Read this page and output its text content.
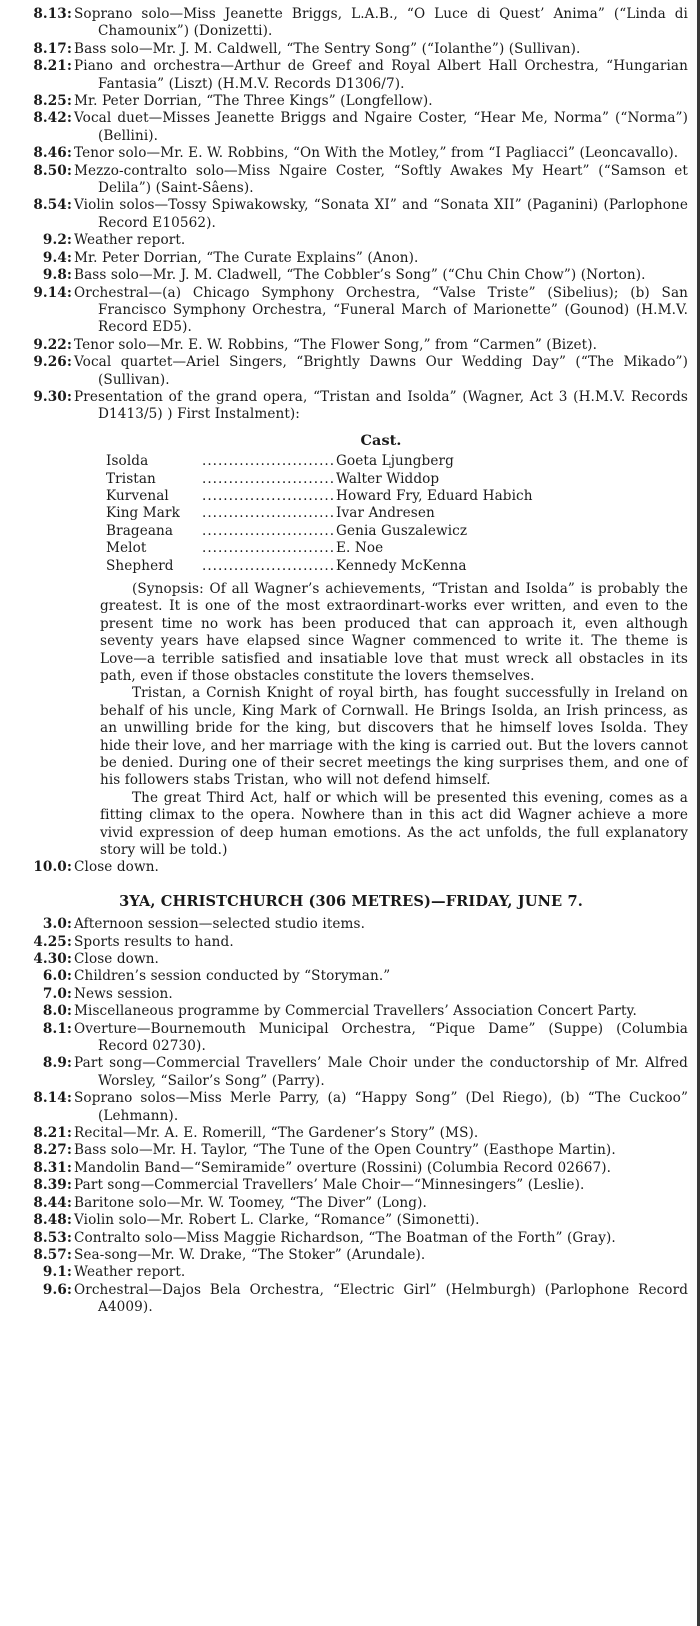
8.13: Soprano solo—Miss Jeanette Briggs, L.A.B., “O Luce di Quest’ Anima” (“Linda di Chamounix”) (Donizetti).

8.17: Bass solo—Mr. J. M. Caldwell, “The Sentry Song” (“Iolanthe”) (Sullivan).

8.21: Piano and orchestra—Arthur de Greef and Royal Albert Hall Orchestra, “Hungarian Fantasia” (Liszt) (H.M.V. Records D1306/7).

8.25: Mr. Peter Dorrian, “The Three Kings” (Longfellow).

8.42: Vocal duet—Misses Jeanette Briggs and Ngaire Coster, “Hear Me, Norma” (“Norma”) (Bellini).

8.46: Tenor solo—Mr. E. W. Robbins, “On With the Motley,” from “I Pagliacci” (Leoncavallo).

8.50: Mezzo-contralto solo—Miss Ngaire Coster, “Softly Awakes My Heart” (“Samson et Delila”) (Saint-Sâens).

8.54: Violin solos—Tossy Spiwakowsky, “Sonata XI” and “Sonata XII” (Paganini) (Parlophone Record E10562).

9.2: Weather report.

9.4: Mr. Peter Dorrian, “The Curate Explains” (Anon).

9.8: Bass solo—Mr. J. M. Cladwell, “The Cobbler’s Song” (“Chu Chin Chow”) (Norton).

9.14: Orchestral—(a) Chicago Symphony Orchestra, “Valse Triste” (Sibelius); (b) San Francisco Symphony Orchestra, “Funeral March of Marionette” (Gounod) (H.M.V. Record ED5).

9.22: Tenor solo—Mr. E. W. Robbins, “The Flower Song,” from “Carmen” (Bizet).

9.26: Vocal quartet—Ariel Singers, “Brightly Dawns Our Wedding Day” (“The Mikado”) (Sullivan).

9.30: Presentation of the grand opera, “Tristan and Isolda” (Wagner, Act 3 (H.M.V. Records D1413/5) ) First Instalment):

Cast.
Isolda .....	Goeta Ljungberg
Tristan .....	Walter Widdop
Kurvenal .....	Howard Fry, Eduard Habich
King Mark .....	Ivar Andresen
Brageana .....	Genia Guszalewicz
Melot .....	E. Noe
Shepherd .....	Kennedy McKenna

(Synopsis: Of all Wagner’s achievements, “Tristan and Isolda” is probably the greatest. It is one of the most extraordinart-works ever written, and even to the present time no work has been produced that can approach it, even although seventy years have elapsed since Wagner commenced to write it. The theme is Love—a terrible satisfied and insatiable love that must wreck all obstacles in its path, even if those obstacles constitute the lovers themselves.

Tristan, a Cornish Knight of royal birth, has fought successfully in Ireland on behalf of his uncle, King Mark of Cornwall. He Brings Isolda, an Irish princess, as an unwilling bride for the king, but discovers that he himself loves Isolda. They hide their love, and her marriage with the king is carried out. But the lovers cannot be denied. During one of their secret meetings the king surprises them, and one of his followers stabs Tristan, who will not defend himself.

The great Third Act, half or which will be presented this evening, comes as a fitting climax to the opera. Nowhere than in this act did Wagner achieve a more vivid expression of deep human emotions. As the act unfolds, the full explanatory story will be told.)

10.0: Close down.

3YA, CHRISTCHURCH (306 METRES)—FRIDAY, JUNE 7.

3.0: Afternoon session—selected studio items.

4.25: Sports results to hand.

4.30: Close down.

6.0: Children’s session conducted by “Storyman.”

7.0: News session.

8.0: Miscellaneous programme by Commercial Travellers’ Association Concert Party.

8.1: Overture—Bournemouth Municipal Orchestra, “Pique Dame” (Suppe) (Columbia Record 02730).

8.9: Part song—Commercial Travellers’ Male Choir under the conductorship of Mr. Alfred Worsley, “Sailor’s Song” (Parry).

8.14: Soprano solos—Miss Merle Parry, (a) “Happy Song” (Del Riego), (b) “The Cuckoo” (Lehmann).

8.21: Recital—Mr. A. E. Romerill, “The Gardener’s Story” (MS).

8.27: Bass solo—Mr. H. Taylor, “The Tune of the Open Country” (Easthope Martin).

8.31: Mandolin Band—“Semiramide” overture (Rossini) (Columbia Record 02667).

8.39: Part song—Commercial Travellers’ Male Choir—“Minnesingers” (Leslie).

8.44: Baritone solo—Mr. W. Toomey, “The Diver” (Long).

8.48: Violin solo—Mr. Robert L. Clarke, “Romance” (Simonetti).

8.53: Contralto solo—Miss Maggie Richardson, “The Boatman of the Forth” (Gray).

8.57: Sea-song—Mr. W. Drake, “The Stoker” (Arundale).

9.1: Weather report.

9.6: Orchestral—Dajos Bela Orchestra, “Electric Girl” (Helmburgh) (Parlophone Record A4009).
